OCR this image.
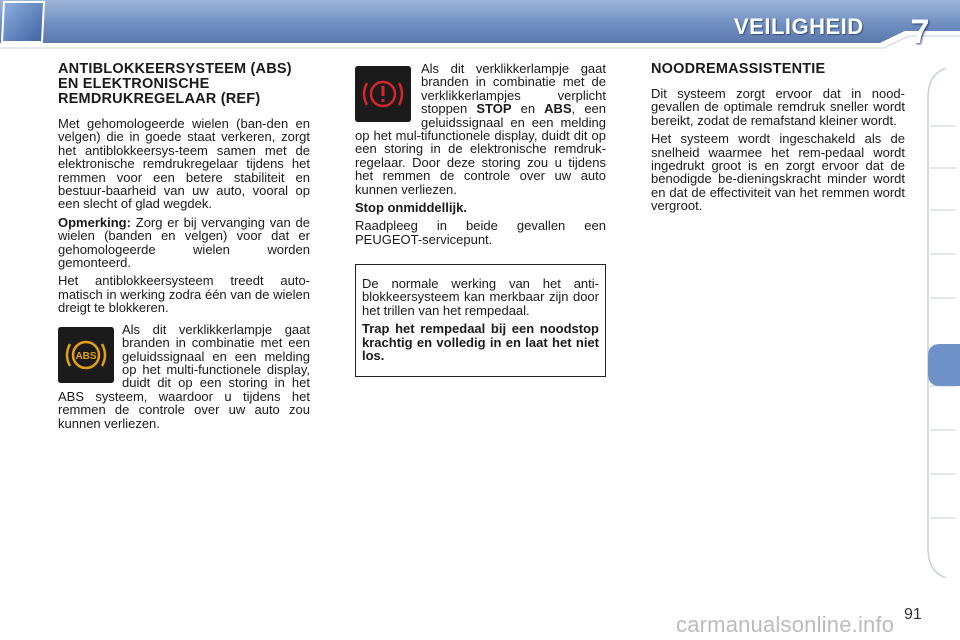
VEILIGHEID	7
ANTIBLOKKEERSYSTEEM (ABS) EN ELEKTRONISCHE REMDRUKREGELAAR (REF)

Met gehomologeerde wielen (ban-den en velgen) die in goede staat verkeren, zorgt het antiblokkeersys-teem samen met de elektronische remdrukregelaar tijdens het remmen voor een betere stabiliteit en bestuur-baarheid van uw auto, vooral op een slecht of glad wegdek.

Opmerking: Zorg er bij vervanging van de wielen (banden en velgen) voor dat er gehomologeerde wielen worden gemonteerd.

Het antiblokkeersysteem treedt auto-matisch in werking zodra één van de wielen dreigt te blokkeren.

ABS
Als dit verklikkerlampje gaat branden in combinatie met een geluidssignaal en een melding op het multi-functionele display, duidt dit op een storing in het ABS systeem, waardoor u tijdens het remmen de controle over uw auto zou kunnen verliezen.

Als dit verklikkerlampje gaat branden in combinatie met de verklikkerlampjes verplicht stoppen STOP en ABS, een geluidssignaal en een melding op het mul-tifunctionele display, duidt dit op een storing in de elektronische remdruk-regelaar. Door deze storing zou u tijdens het remmen de controle over uw auto kunnen verliezen.

Stop onmiddellijk.

Raadpleeg in beide gevallen een PEUGEOT-servicepunt.

De normale werking van het anti-blokkeersysteem kan merkbaar zijn door het trillen van het rempedaal.

Trap het rempedaal bij een noodstop krachtig en volledig in en laat het niet los.

NOODREMASSISTENTIE

Dit systeem zorgt ervoor dat in nood-gevallen de optimale remdruk sneller wordt bereikt, zodat de remafstand kleiner wordt.

Het systeem wordt ingeschakeld als de snelheid waarmee het rem-pedaal wordt ingedrukt groot is en zorgt ervoor dat de benodigde be-dieningskracht minder wordt en dat de effectiviteit van het remmen wordt vergroot.

91
carmanualsonline.info
